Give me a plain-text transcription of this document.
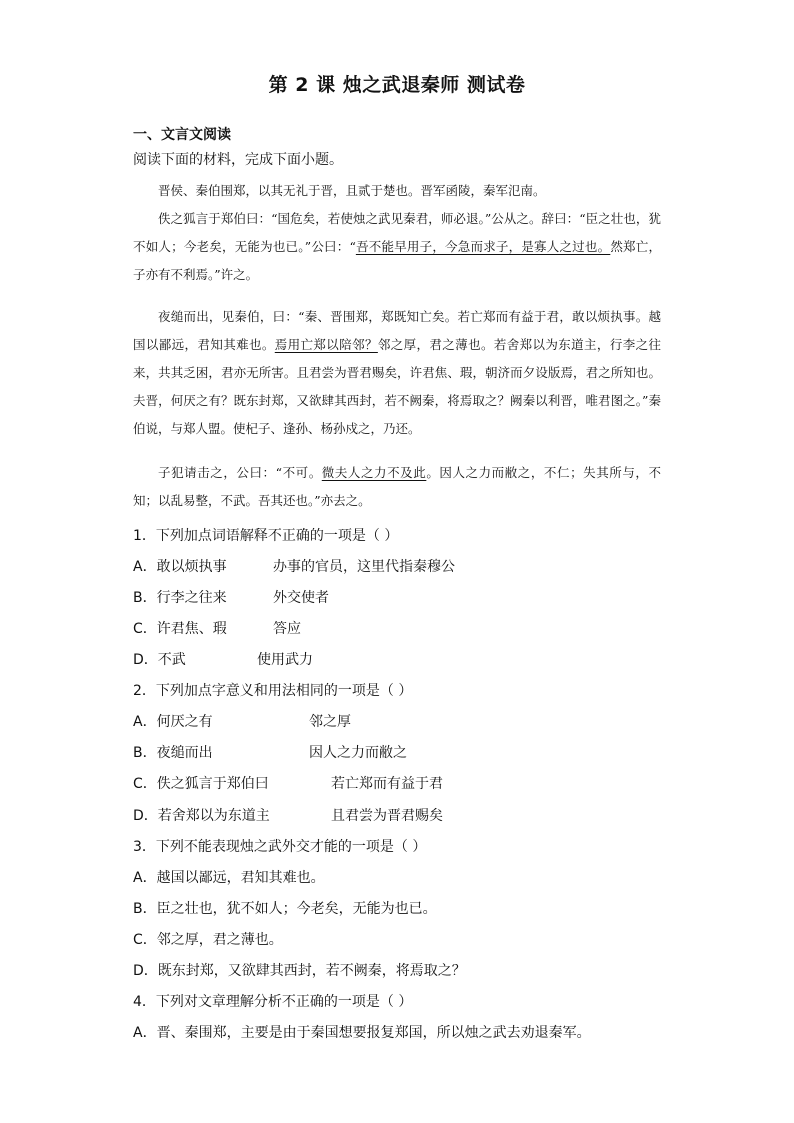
第 2 课 烛之武退秦师 测试卷
一、文言文阅读
阅读下面的材料，完成下面小题。

晋侯、秦伯围郑，以其无礼于晋，且贰于楚也。晋军函陵，秦军氾南。

佚之狐言于郑伯曰：“国危矣，若使烛之武见秦君，师必退。”公从之。辞曰：“臣之壮也，犹不如人；今老矣，无能为也已。”公曰：“吾不能早用子，今急而求子，是寡人之过也。然郑亡，子亦有不利焉。”许之。

夜缒而出，见秦伯，曰：“秦、晋围郑，郑既知亡矣。若亡郑而有益于君，敢以烦执事。越国以鄙远，君知其难也。焉用亡郑以陪邻？邻之厚，君之薄也。若舍郑以为东道主，行李之往来，共其乏困，君亦无所害。且君尝为晋君赐矣，许君焦、瑕，朝济而夕设版焉，君之所知也。夫晋，何厌之有？既东封郑，又欲肆其西封，若不阙秦，将焉取之？阙秦以利晋，唯君图之。”秦伯说，与郑人盟。使杞子、逢孙、杨孙戍之，乃还。

子犯请击之，公曰：“不可。微夫人之力不及此。因人之力而敝之，不仁；失其所与，不知；以乱易整，不武。吾其还也。”亦去之。

1．下列加点词语解释不正确的一项是（ ）
A．敢以烦执事	办事的官员，这里代指秦穆公
B．行李之往来	外交使者
C．许君焦、瑕	答应
D．不武	使用武力
2．下列加点字意义和用法相同的一项是（ ）
A．何厌之有	邻之厚
B．夜缒而出	因人之力而敝之
C．佚之狐言于郑伯曰	若亡郑而有益于君
D．若舍郑以为东道主	且君尝为晋君赐矣
3．下列不能表现烛之武外交才能的一项是（ ）
A．越国以鄙远，君知其难也。
B．臣之壮也，犹不如人；今老矣，无能为也已。
C．邻之厚，君之薄也。
D．既东封郑，又欲肆其西封，若不阙秦，将焉取之？
4．下列对文章理解分析不正确的一项是（ ）
A．晋、秦围郑，主要是由于秦国想要报复郑国，所以烛之武去劝退秦军。
